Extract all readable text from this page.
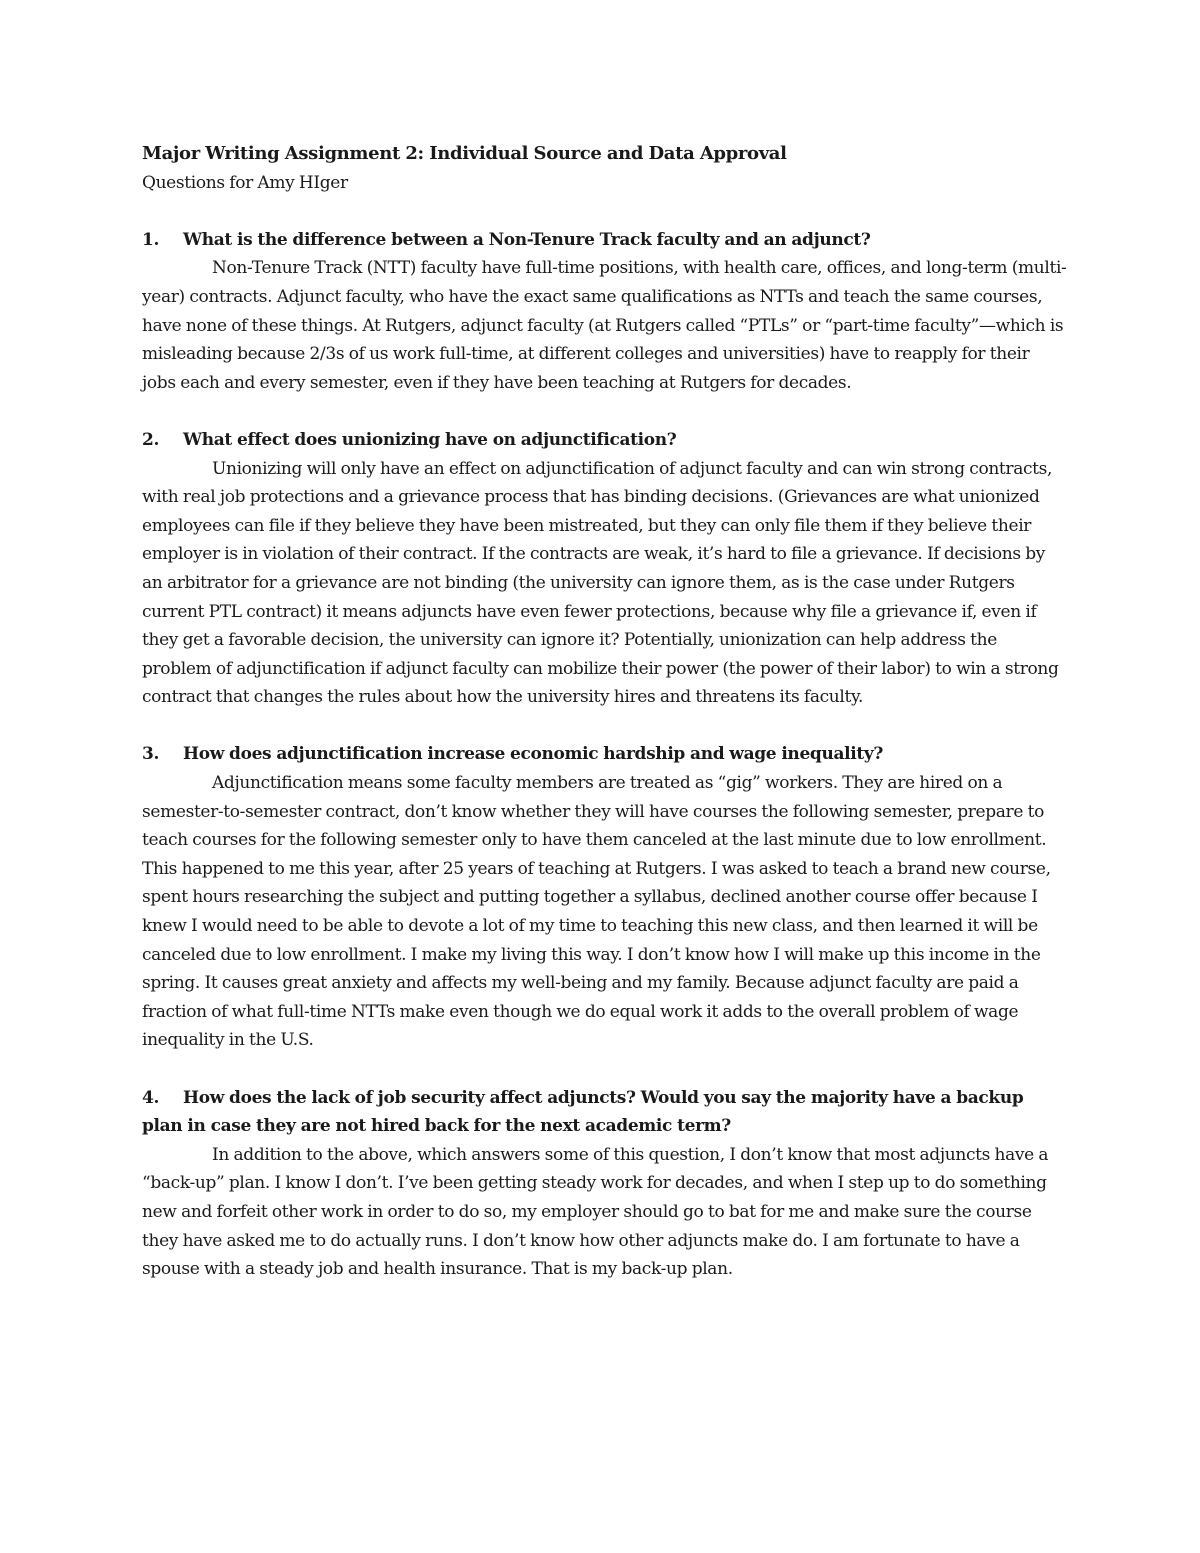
Major Writing Assignment 2: Individual Source and Data Approval

Questions for Amy HIger

1.	What is the difference between a Non-Tenure Track faculty and an adjunct?

Non-Tenure Track (NTT) faculty have full-time positions, with health care, offices, and long-term (multi-year) contracts. Adjunct faculty, who have the exact same qualifications as NTTs and teach the same courses, have none of these things. At Rutgers, adjunct faculty (at Rutgers called “PTLs” or “part-time faculty”—which is misleading because 2/3s of us work full-time, at different colleges and universities) have to reapply for their jobs each and every semester, even if they have been teaching at Rutgers for decades.

2.	What effect does unionizing have on adjunctification?

Unionizing will only have an effect on adjunctification of adjunct faculty and can win strong contracts, with real job protections and a grievance process that has binding decisions. (Grievances are what unionized employees can file if they believe they have been mistreated, but they can only file them if they believe their employer is in violation of their contract. If the contracts are weak, it’s hard to file a grievance. If decisions by an arbitrator for a grievance are not binding (the university can ignore them, as is the case under Rutgers current PTL contract) it means adjuncts have even fewer protections, because why file a grievance if, even if they get a favorable decision, the university can ignore it? Potentially, unionization can help address the problem of adjunctification if adjunct faculty can mobilize their power (the power of their labor) to win a strong contract that changes the rules about how the university hires and threatens its faculty.

3.	How does adjunctification increase economic hardship and wage inequality?

Adjunctification means some faculty members are treated as “gig” workers. They are hired on a semester-to-semester contract, don’t know whether they will have courses the following semester, prepare to teach courses for the following semester only to have them canceled at the last minute due to low enrollment. This happened to me this year, after 25 years of teaching at Rutgers. I was asked to teach a brand new course, spent hours researching the subject and putting together a syllabus, declined another course offer because I knew I would need to be able to devote a lot of my time to teaching this new class, and then learned it will be canceled due to low enrollment. I make my living this way. I don’t know how I will make up this income in the spring. It causes great anxiety and affects my well-being and my family. Because adjunct faculty are paid a fraction of what full-time NTTs make even though we do equal work it adds to the overall problem of wage inequality in the U.S.

4. How does the lack of job security affect adjuncts? Would you say the majority have a backup plan in case they are not hired back for the next academic term?

In addition to the above, which answers some of this question, I don’t know that most adjuncts have a “back-up” plan. I know I don’t. I’ve been getting steady work for decades, and when I step up to do something new and forfeit other work in order to do so, my employer should go to bat for me and make sure the course they have asked me to do actually runs. I don’t know how other adjuncts make do. I am fortunate to have a spouse with a steady job and health insurance. That is my back-up plan.
